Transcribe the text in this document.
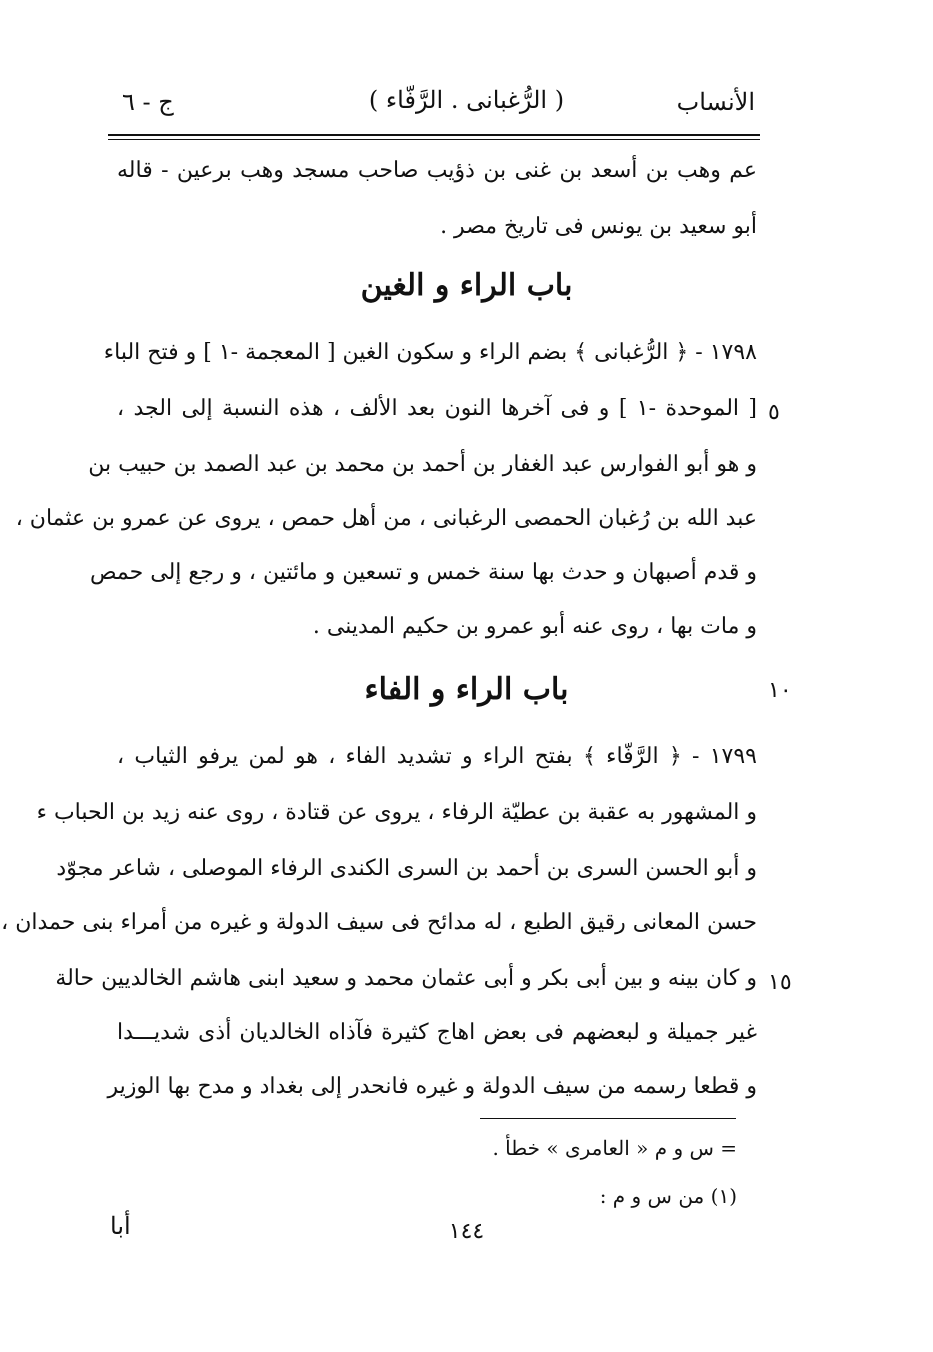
ج - ٦	( الرُّغبانى . الرَّفّاء )	الأنساب
عم وهب بن أسعد بن غنى بن ذؤيب صاحب مسجد وهب برعين - قاله
أبو سعيد بن يونس فى تاريخ مصر .
باب الراء و الغين
١٧٩٨ - ﴿ الرُّغبانى ﴾ بضم الراء و سكون الغين [ المعجمة -١ ] و فتح الباء
[ الموحدة -١ ] و فى آخرها النون بعد الألف ، هذه النسبة إلى الجد ،
و هو أبو الفوارس عبد الغفار بن أحمد بن محمد بن عبد الصمد بن حبيب بن
عبد الله بن رُغبان الحمصى الرغبانى ، من أهل حمص ، يروى عن عمرو بن عثمان ،
و قدم أصبهان و حدث بها سنة خمس و تسعين و مائتين ، و رجع إلى حمص
و مات بها ، روى عنه أبو عمرو بن حكيم المدينى .
باب الراء و الفاء
١٧٩٩ - ﴿ الرَّفّاء ﴾ بفتح الراء و تشديد الفاء ، هو لمن يرفو الثياب ،
و المشهور به عقبة بن عطيّة الرفاء ، يروى عن قتادة ، روى عنه زيد بن الحباب ء
و أبو الحسن السرى بن أحمد بن السرى الكندى الرفاء الموصلى ، شاعر مجوّد
حسن المعانى رقيق الطبع ، له مدائح فى سيف الدولة و غيره من أمراء بنى حمدان ،
و كان بينه و بين أبى بكر و أبى عثمان محمد و سعيد ابنى هاشم الخالديين حالة
غير جميلة و لبعضهم فى بعض اهاج كثيرة فآذاه الخالديان أذى شديـــدا
و قطعا رسمه من سيف الدولة و غيره فانحدر إلى بغداد و مدح بها الوزير
٥
١٠
١٥
= س و م « العامرى » خطأ .
(١) من س و م :
١٤٤
أبا
